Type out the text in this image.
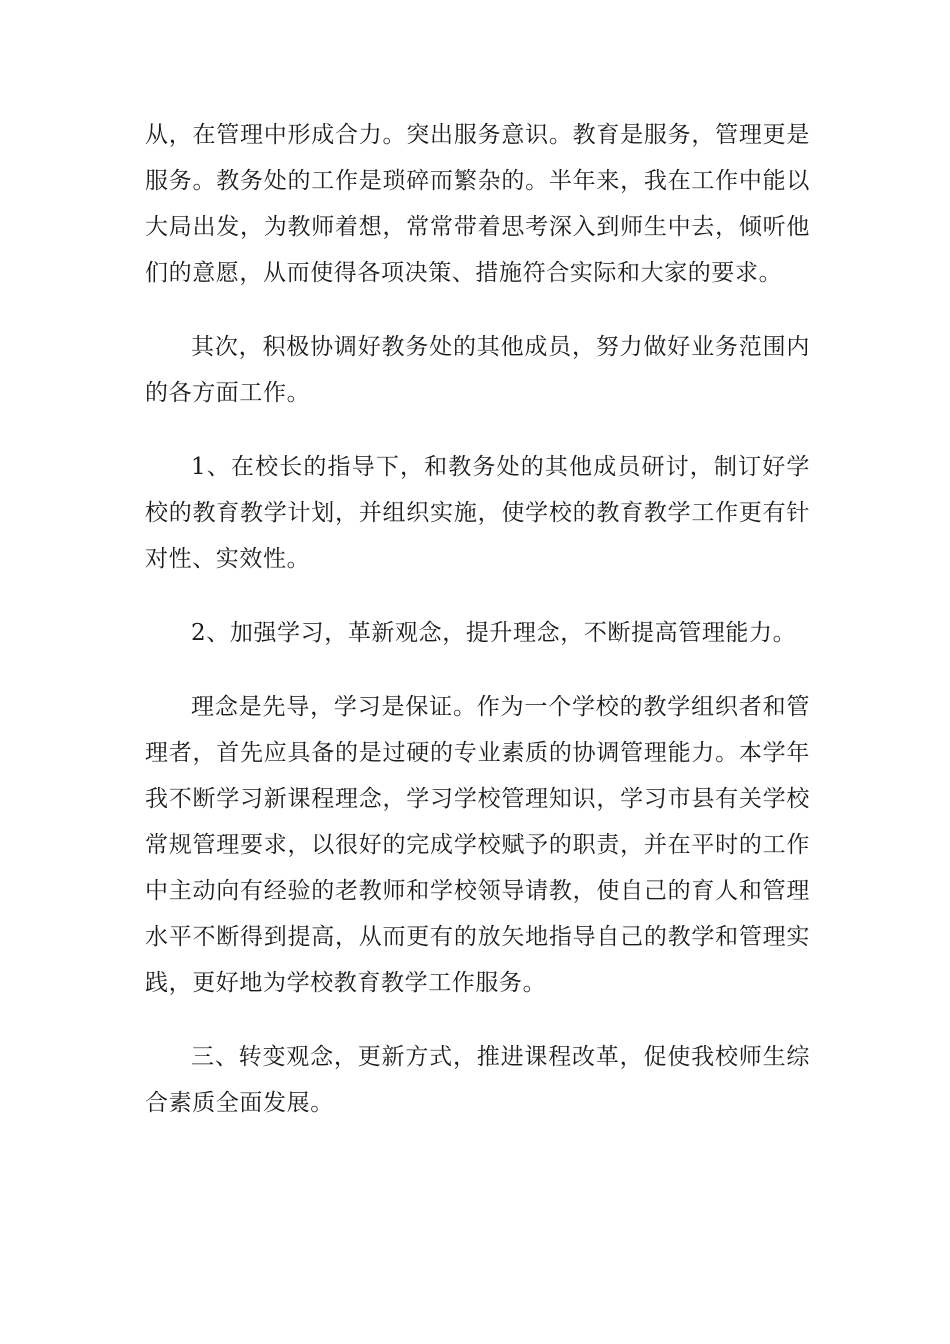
从，在管理中形成合力。突出服务意识。教育是服务，管理更是服务。教务处的工作是琐碎而繁杂的。半年来，我在工作中能以大局出发，为教师着想，常常带着思考深入到师生中去，倾听他们的意愿，从而使得各项决策、措施符合实际和大家的要求。

其次，积极协调好教务处的其他成员，努力做好业务范围内的各方面工作。

1、在校长的指导下，和教务处的其他成员研讨，制订好学校的教育教学计划，并组织实施，使学校的教育教学工作更有针对性、实效性。

2、加强学习，革新观念，提升理念，不断提高管理能力。

理念是先导，学习是保证。作为一个学校的教学组织者和管理者，首先应具备的是过硬的专业素质的协调管理能力。本学年我不断学习新课程理念，学习学校管理知识，学习市县有关学校常规管理要求，以很好的完成学校赋予的职责，并在平时的工作中主动向有经验的老教师和学校领导请教，使自己的育人和管理水平不断得到提高，从而更有的放矢地指导自己的教学和管理实践，更好地为学校教育教学工作服务。

三、转变观念，更新方式，推进课程改革，促使我校师生综合素质全面发展。
